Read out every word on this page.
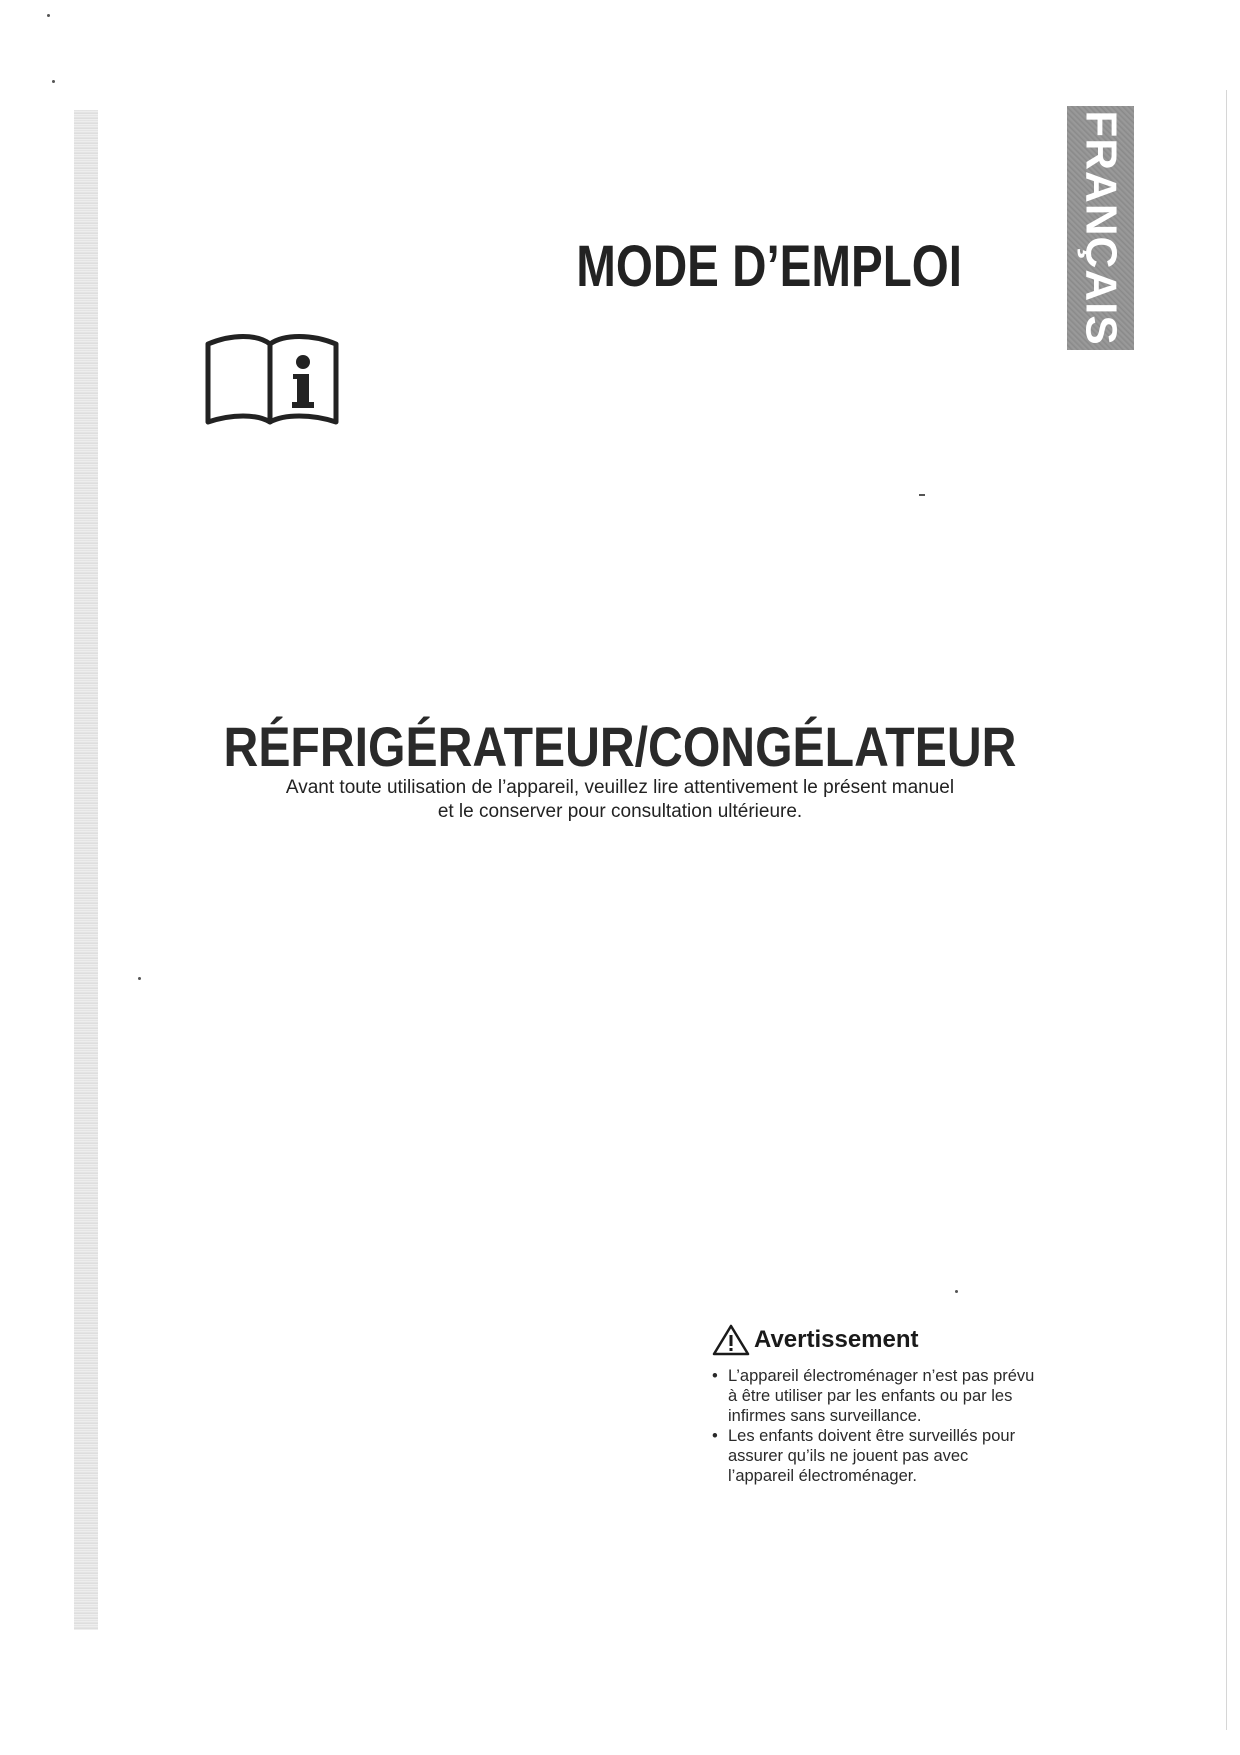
MODE D’EMPLOI	FRANÇAIS
RÉFRIGÉRATEUR/CONGÉLATEUR
Avant toute utilisation de l’appareil, veuillez lire attentivement le présent manuel
et le conserver pour consultation ultérieure.
Avertissement
• L’appareil électroménager n’est pas prévu
à être utiliser par les enfants ou par les
infirmes sans surveillance.
• Les enfants doivent être surveillés pour
assurer qu’ils ne jouent pas avec
l’appareil électroménager.
